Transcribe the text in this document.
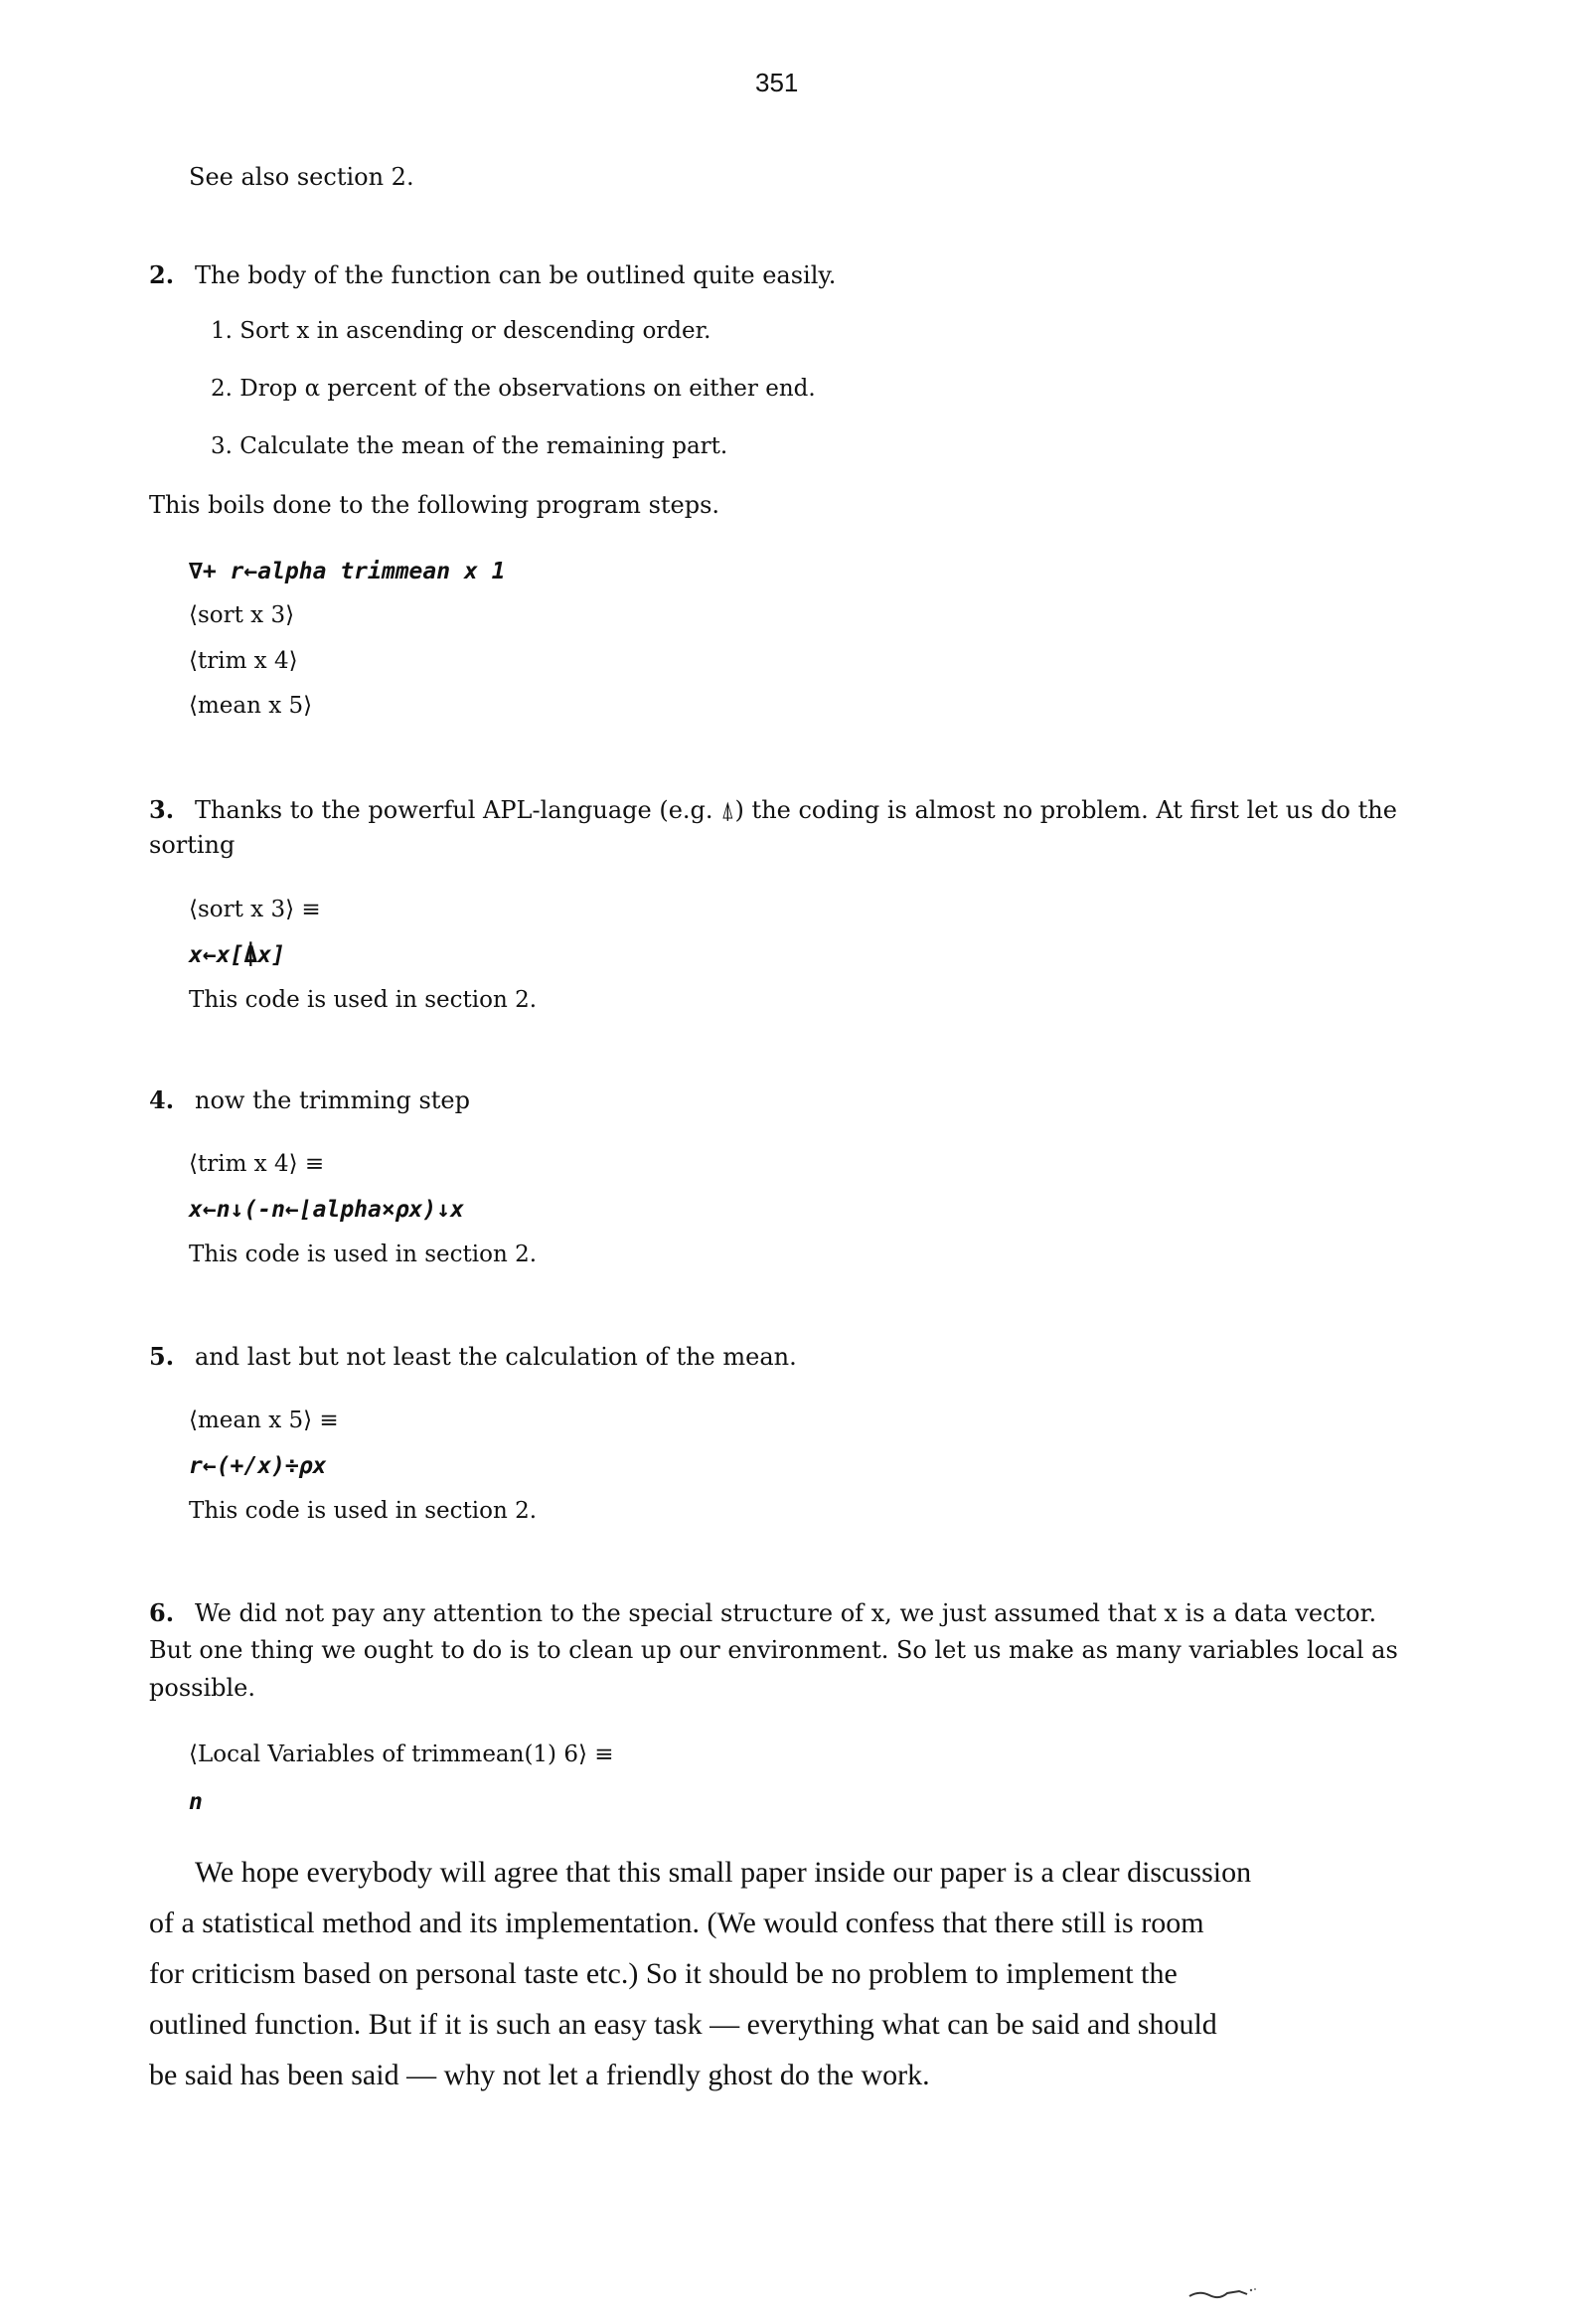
351
See also section 2.
2. The body of the function can be outlined quite easily.
1. Sort x in ascending or descending order.
2. Drop α percent of the observations on either end.
3. Calculate the mean of the remaining part.
This boils done to the following program steps.
∇+ r←alpha trimmean x 1
⟨sort x 3⟩
⟨trim x 4⟩
⟨mean x 5⟩
3. Thanks to the powerful APL-language (e.g. ⍋) the coding is almost no problem. At first let us do the
sorting
⟨sort x 3⟩ ≡
x←x[⍋x]
This code is used in section 2.
4. now the trimming step
⟨trim x 4⟩ ≡
x←n↓(-n←⌊alpha×ρx)↓x
This code is used in section 2.
5. and last but not least the calculation of the mean.
⟨mean x 5⟩ ≡
r←(+/x)÷ρx
This code is used in section 2.
6. We did not pay any attention to the special structure of x, we just assumed that x is a data vector.
But one thing we ought to do is to clean up our environment. So let us make as many variables local as
possible.
⟨Local Variables of trimmean(1) 6⟩ ≡
n
We hope everybody will agree that this small paper inside our paper is a clear discussion
of a statistical method and its implementation. (We would confess that there still is room
for criticism based on personal taste etc.) So it should be no problem to implement the
outlined function. But if it is such an easy task — everything what can be said and should
be said has been said — why not let a friendly ghost do the work.
